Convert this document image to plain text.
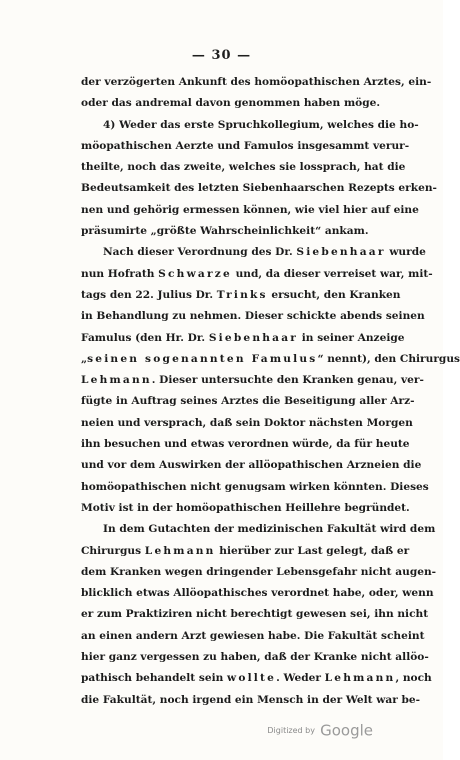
— 30 —
der verzögerten Ankunft des homöopathischen Arztes, ein-
oder das andremal davon genommen haben möge.
4) Weder das erste Spruchkollegium, welches die ho-
möopathischen Aerzte und Famulos insgesammt verur-
theilte, noch das zweite, welches sie lossprach, hat die
Bedeutsamkeit des letzten Siebenhaarschen Rezepts erken-
nen und gehörig ermessen können, wie viel hier auf eine
präsumirte „größte Wahrscheinlichkeit“ ankam.
Nach dieser Verordnung des Dr. Siebenhaar wurde
nun Hofrath Schwarze und, da dieser verreiset war, mit-
tags den 22. Julius Dr. Trinks ersucht, den Kranken
in Behandlung zu nehmen. Dieser schickte abends seinen
Famulus (den Hr. Dr. Siebenhaar in seiner Anzeige
„seinen sogenannten Famulus“ nennt), den Chirurgus
Lehmann. Dieser untersuchte den Kranken genau, ver-
fügte in Auftrag seines Arztes die Beseitigung aller Arz-
neien und versprach, daß sein Doktor nächsten Morgen
ihn besuchen und etwas verordnen würde, da für heute
und vor dem Auswirken der allöopathischen Arzneien die
homöopathischen nicht genugsam wirken könnten. Dieses
Motiv ist in der homöopathischen Heillehre begründet.
In dem Gutachten der medizinischen Fakultät wird dem
Chirurgus Lehmann hierüber zur Last gelegt, daß er
dem Kranken wegen dringender Lebensgefahr nicht augen-
blicklich etwas Allöopathisches verordnet habe, oder, wenn
er zum Praktiziren nicht berechtigt gewesen sei, ihn nicht
an einen andern Arzt gewiesen habe. Die Fakultät scheint
hier ganz vergessen zu haben, daß der Kranke nicht allöo-
pathisch behandelt sein wollte. Weder Lehmann, noch
die Fakultät, noch irgend ein Mensch in der Welt war be-
Digitized by Google
